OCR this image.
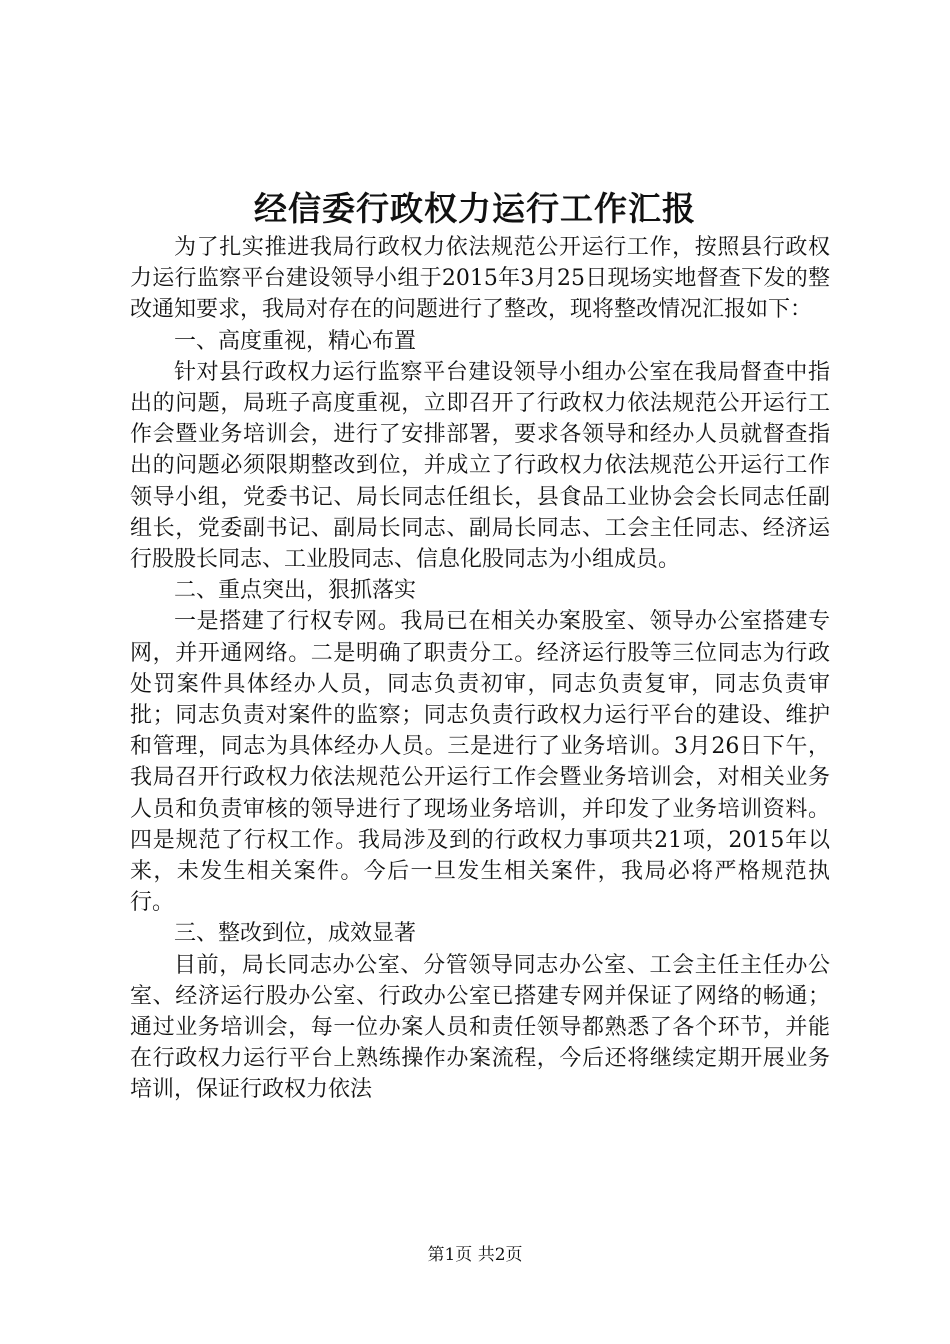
经信委行政权力运行工作汇报

为了扎实推进我局行政权力依法规范公开运行工作，按照县行政权力运行监察平台建设领导小组于2015年3月25日现场实地督查下发的整改通知要求，我局对存在的问题进行了整改，现将整改情况汇报如下：

一、高度重视，精心布置

针对县行政权力运行监察平台建设领导小组办公室在我局督查中指出的问题，局班子高度重视，立即召开了行政权力依法规范公开运行工作会暨业务培训会，进行了安排部署，要求各领导和经办人员就督查指出的问题必须限期整改到位，并成立了行政权力依法规范公开运行工作领导小组，党委书记、局长同志任组长，县食品工业协会会长同志任副组长，党委副书记、副局长同志、副局长同志、工会主任同志、经济运行股股长同志、工业股同志、信息化股同志为小组成员。

二、重点突出，狠抓落实

一是搭建了行权专网。我局已在相关办案股室、领导办公室搭建专网，并开通网络。二是明确了职责分工。经济运行股等三位同志为行政处罚案件具体经办人员，同志负责初审，同志负责复审，同志负责审批；同志负责对案件的监察；同志负责行政权力运行平台的建设、维护和管理，同志为具体经办人员。三是进行了业务培训。3月26日下午，我局召开行政权力依法规范公开运行工作会暨业务培训会，对相关业务人员和负责审核的领导进行了现场业务培训，并印发了业务培训资料。四是规范了行权工作。我局涉及到的行政权力事项共21项，2015年以来，未发生相关案件。今后一旦发生相关案件，我局必将严格规范执行。

三、整改到位，成效显著

目前，局长同志办公室、分管领导同志办公室、工会主任主任办公室、经济运行股办公室、行政办公室已搭建专网并保证了网络的畅通；通过业务培训会，每一位办案人员和责任领导都熟悉了各个环节，并能在行政权力运行平台上熟练操作办案流程，今后还将继续定期开展业务培训，保证行政权力依法

第1页 共2页
